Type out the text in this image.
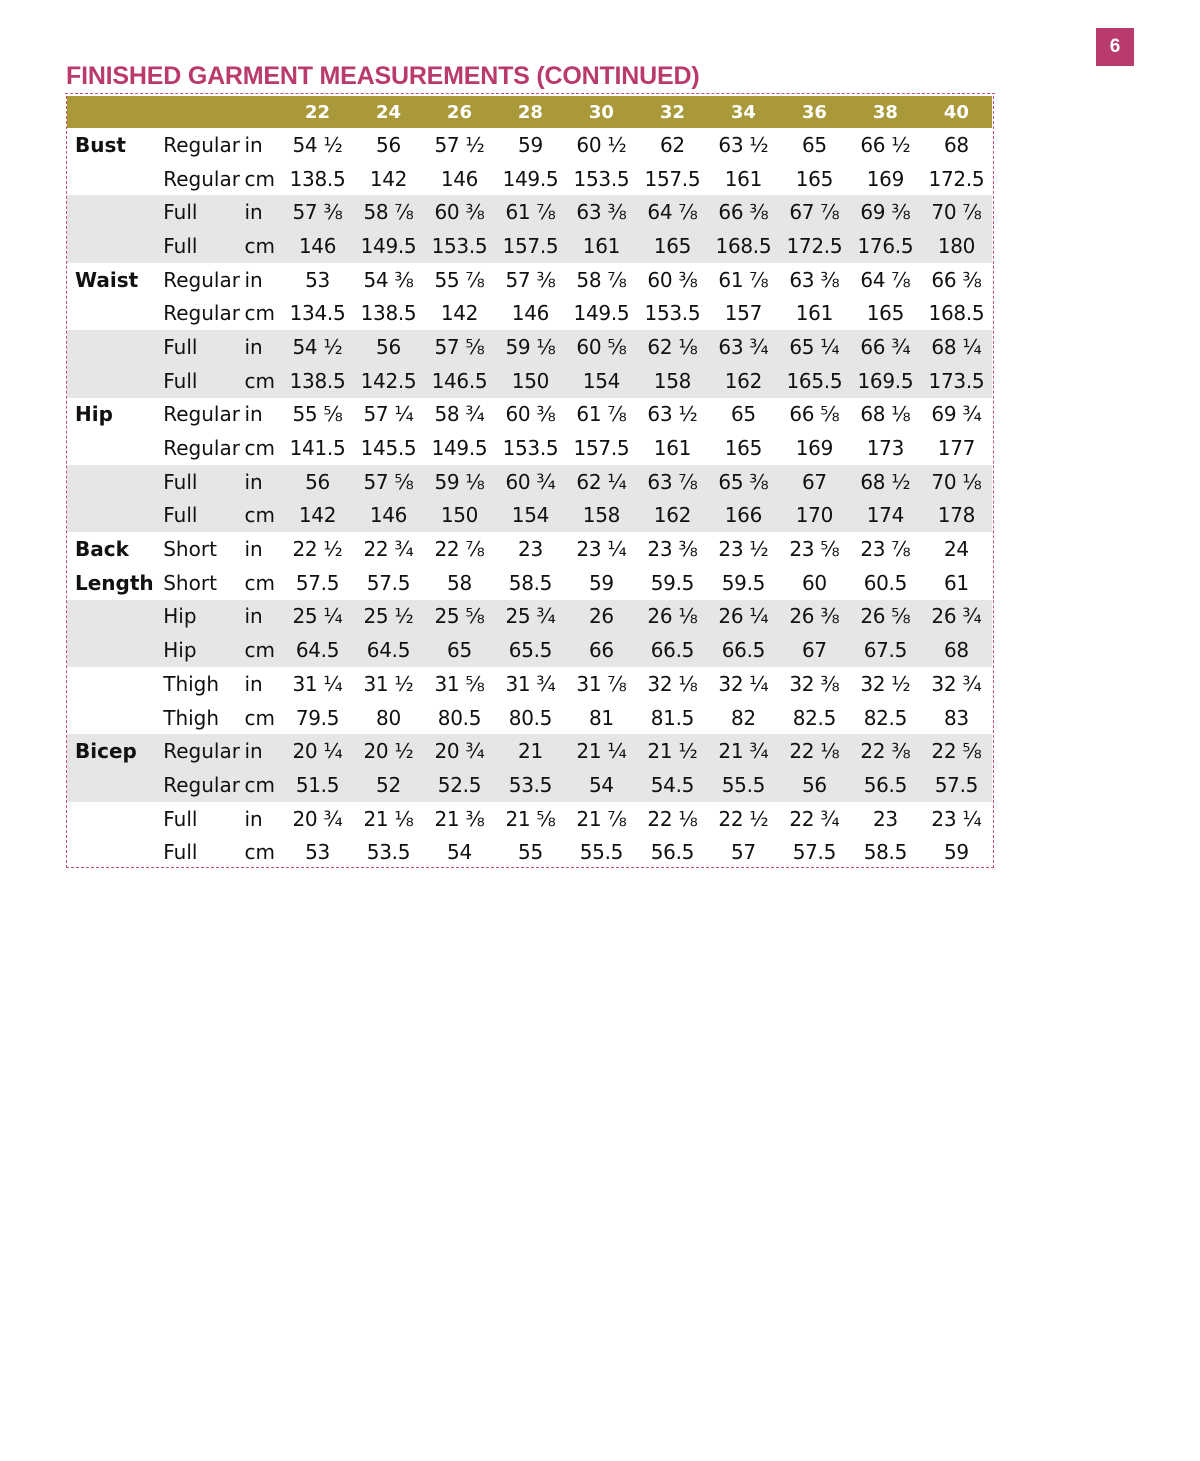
6
FINISHED GARMENT MEASUREMENTS (CONTINUED)
			22	24	26	28	30	32	34	36	38	40
Bust	Regular	in	54 ½	56	57 ½	59	60 ½	62	63 ½	65	66 ½	68
	Regular	cm	138.5	142	146	149.5	153.5	157.5	161	165	169	172.5
	Full	in	57 ⅜	58 ⅞	60 ⅜	61 ⅞	63 ⅜	64 ⅞	66 ⅜	67 ⅞	69 ⅜	70 ⅞
	Full	cm	146	149.5	153.5	157.5	161	165	168.5	172.5	176.5	180
Waist	Regular	in	53	54 ⅜	55 ⅞	57 ⅜	58 ⅞	60 ⅜	61 ⅞	63 ⅜	64 ⅞	66 ⅜
	Regular	cm	134.5	138.5	142	146	149.5	153.5	157	161	165	168.5
	Full	in	54 ½	56	57 ⅝	59 ⅛	60 ⅝	62 ⅛	63 ¾	65 ¼	66 ¾	68 ¼
	Full	cm	138.5	142.5	146.5	150	154	158	162	165.5	169.5	173.5
Hip	Regular	in	55 ⅝	57 ¼	58 ¾	60 ⅜	61 ⅞	63 ½	65	66 ⅝	68 ⅛	69 ¾
	Regular	cm	141.5	145.5	149.5	153.5	157.5	161	165	169	173	177
	Full	in	56	57 ⅝	59 ⅛	60 ¾	62 ¼	63 ⅞	65 ⅜	67	68 ½	70 ⅛
	Full	cm	142	146	150	154	158	162	166	170	174	178
Back	Short	in	22 ½	22 ¾	22 ⅞	23	23 ¼	23 ⅜	23 ½	23 ⅝	23 ⅞	24
Length	Short	cm	57.5	57.5	58	58.5	59	59.5	59.5	60	60.5	61
	Hip	in	25 ¼	25 ½	25 ⅝	25 ¾	26	26 ⅛	26 ¼	26 ⅜	26 ⅝	26 ¾
	Hip	cm	64.5	64.5	65	65.5	66	66.5	66.5	67	67.5	68
	Thigh	in	31 ¼	31 ½	31 ⅝	31 ¾	31 ⅞	32 ⅛	32 ¼	32 ⅜	32 ½	32 ¾
	Thigh	cm	79.5	80	80.5	80.5	81	81.5	82	82.5	82.5	83
Bicep	Regular	in	20 ¼	20 ½	20 ¾	21	21 ¼	21 ½	21 ¾	22 ⅛	22 ⅜	22 ⅝
	Regular	cm	51.5	52	52.5	53.5	54	54.5	55.5	56	56.5	57.5
	Full	in	20 ¾	21 ⅛	21 ⅜	21 ⅝	21 ⅞	22 ⅛	22 ½	22 ¾	23	23 ¼
	Full	cm	53	53.5	54	55	55.5	56.5	57	57.5	58.5	59
